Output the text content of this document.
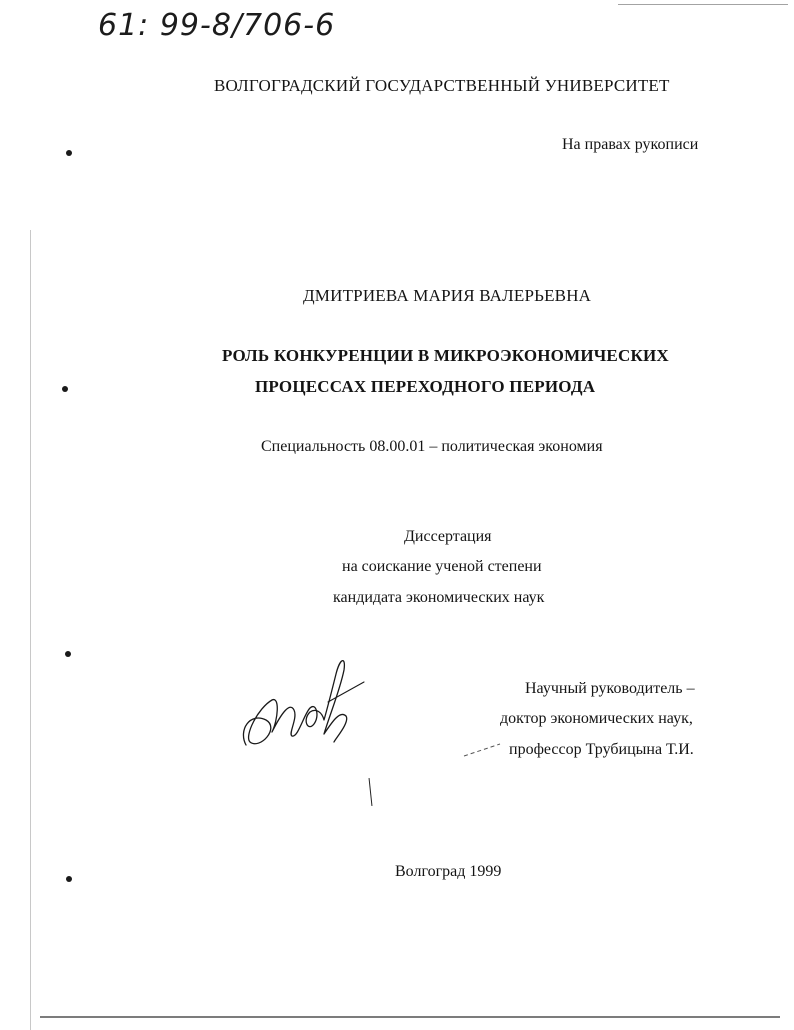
61: 99-8/706-6
ВОЛГОГРАДСКИЙ ГОСУДАРСТВЕННЫЙ УНИВЕРСИТЕТ
На правах рукописи
ДМИТРИЕВА МАРИЯ ВАЛЕРЬЕВНА
РОЛЬ КОНКУРЕНЦИИ В МИКРОЭКОНОМИЧЕСКИХ
ПРОЦЕССАХ ПЕРЕХОДНОГО ПЕРИОДА
Специальность 08.00.01 – политическая экономия
Диссертация
на соискание ученой степени
кандидата экономических наук
Научный руководитель –
доктор экономических наук,
профессор Трубицына Т.И.
Волгоград 1999
